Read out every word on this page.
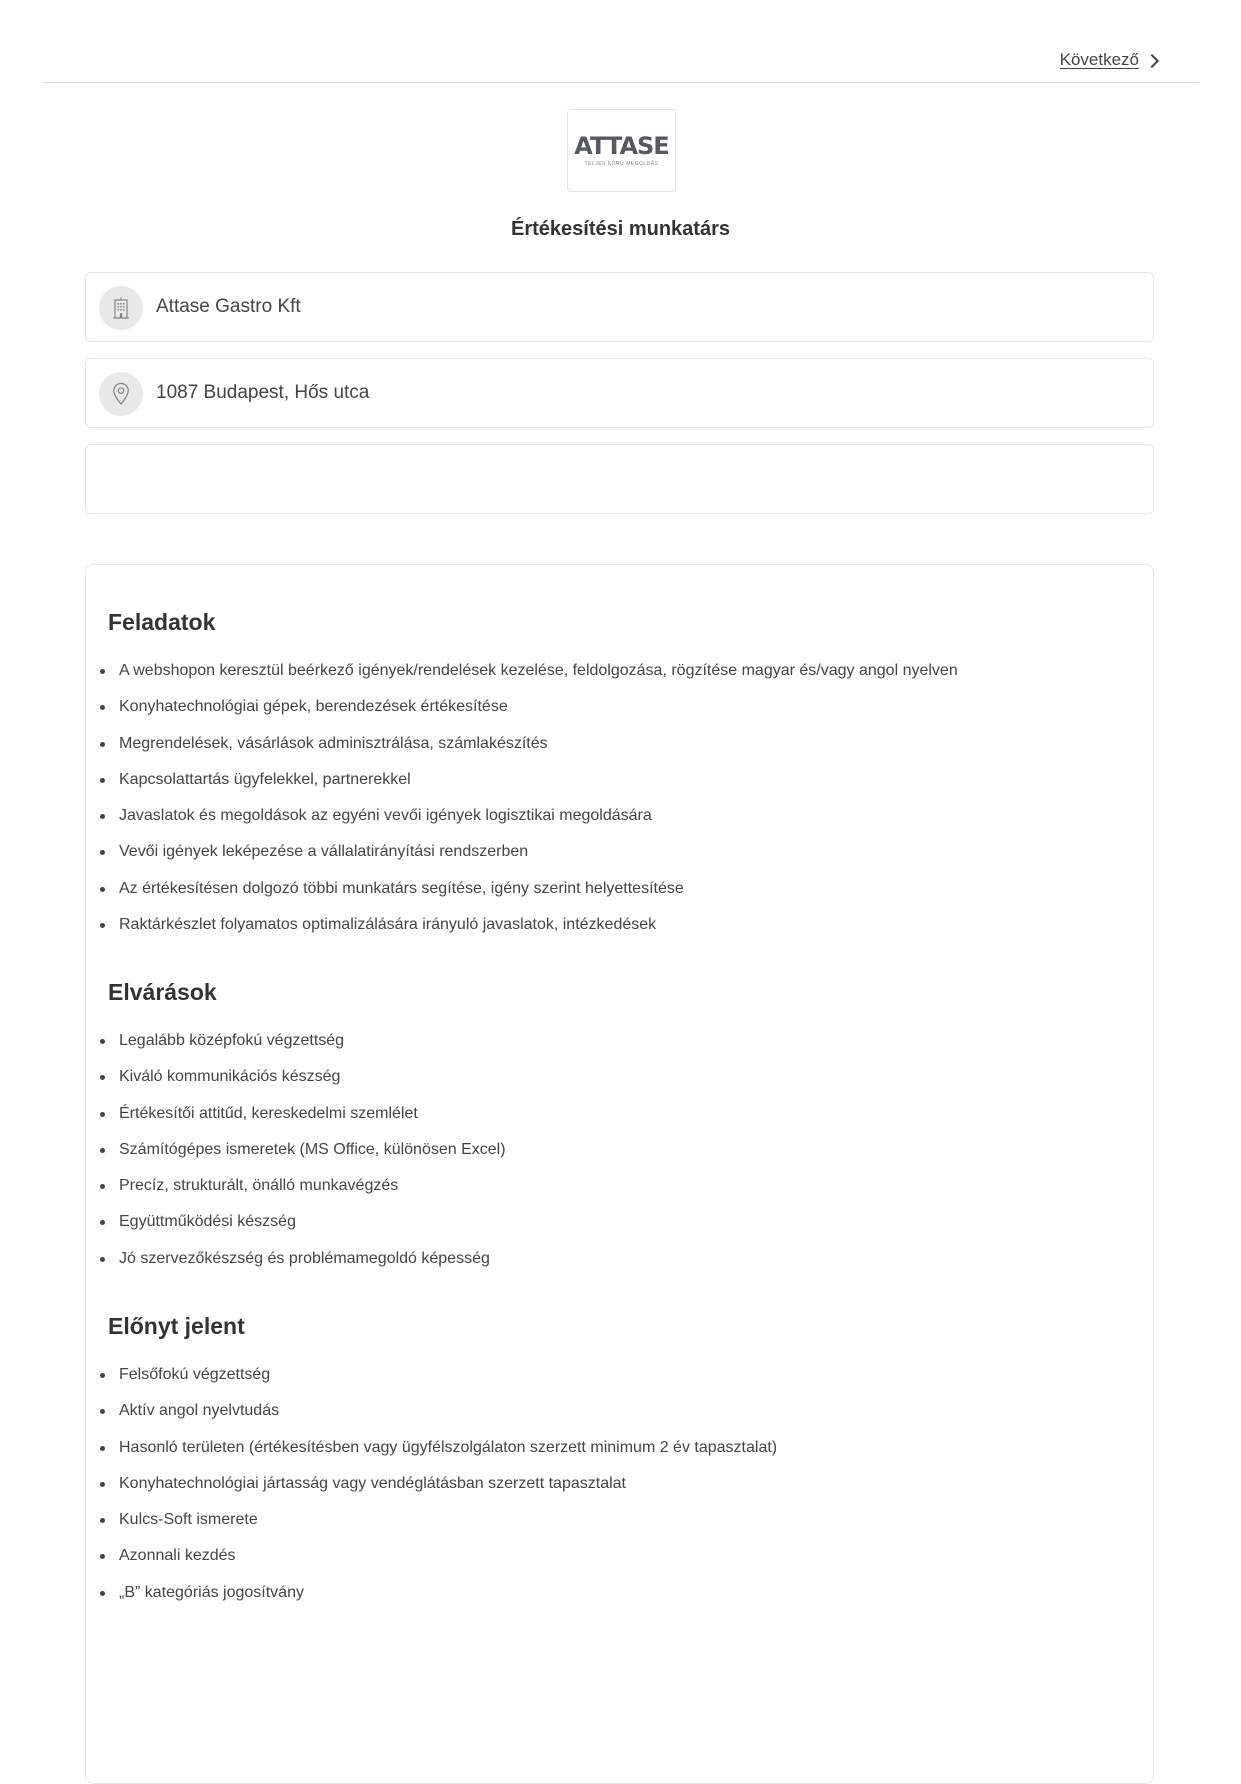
Következő
ATTASE
TELJES KÖRŰ MEGOLDÁS
Értékesítési munkatárs
Attase Gastro Kft
1087 Budapest, Hős utca
Feladatok
A webshopon keresztül beérkező igények/rendelések kezelése, feldolgozása, rögzítése magyar és/vagy angol nyelven
Konyhatechnológiai gépek, berendezések értékesítése
Megrendelések, vásárlások adminisztrálása, számlakészítés
Kapcsolattartás ügyfelekkel, partnerekkel
Javaslatok és megoldások az egyéni vevői igények logisztikai megoldására
Vevői igények leképezése a vállalatirányítási rendszerben
Az értékesítésen dolgozó többi munkatárs segítése, igény szerint helyettesítése
Raktárkészlet folyamatos optimalizálására irányuló javaslatok, intézkedések
Elvárások
Legalább középfokú végzettség
Kiváló kommunikációs készség
Értékesítői attitűd, kereskedelmi szemlélet
Számítógépes ismeretek (MS Office, különösen Excel)
Precíz, strukturált, önálló munkavégzés
Együttműködési készség
Jó szervezőkészség és problémamegoldó képesség
Előnyt jelent
Felsőfokú végzettség
Aktív angol nyelvtudás
Hasonló területen (értékesítésben vagy ügyfélszolgálaton szerzett minimum 2 év tapasztalat)
Konyhatechnológiai jártasság vagy vendéglátásban szerzett tapasztalat
Kulcs-Soft ismerete
Azonnali kezdés
„B” kategóriás jogosítvány
